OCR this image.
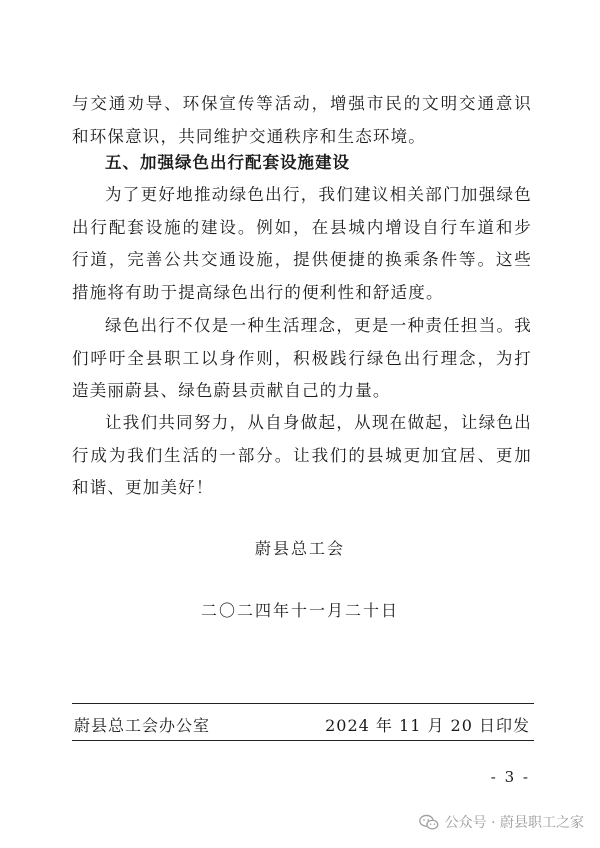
与交通劝导、环保宣传等活动，增强市民的文明交通意识和环保意识，共同维护交通秩序和生态环境。

五、加强绿色出行配套设施建设

为了更好地推动绿色出行，我们建议相关部门加强绿色出行配套设施的建设。例如，在县城内增设自行车道和步行道，完善公共交通设施，提供便捷的换乘条件等。这些措施将有助于提高绿色出行的便利性和舒适度。

绿色出行不仅是一种生活理念，更是一种责任担当。我们呼吁全县职工以身作则，积极践行绿色出行理念，为打造美丽蔚县、绿色蔚县贡献自己的力量。

让我们共同努力，从自身做起，从现在做起，让绿色出行成为我们生活的一部分。让我们的县城更加宜居、更加和谐、更加美好！

蔚县总工会
二〇二四年十一月二十日
蔚县总工会办公室	2024 年 11 月 20 日印发
- 3 -
公众号 · 蔚县职工之家
